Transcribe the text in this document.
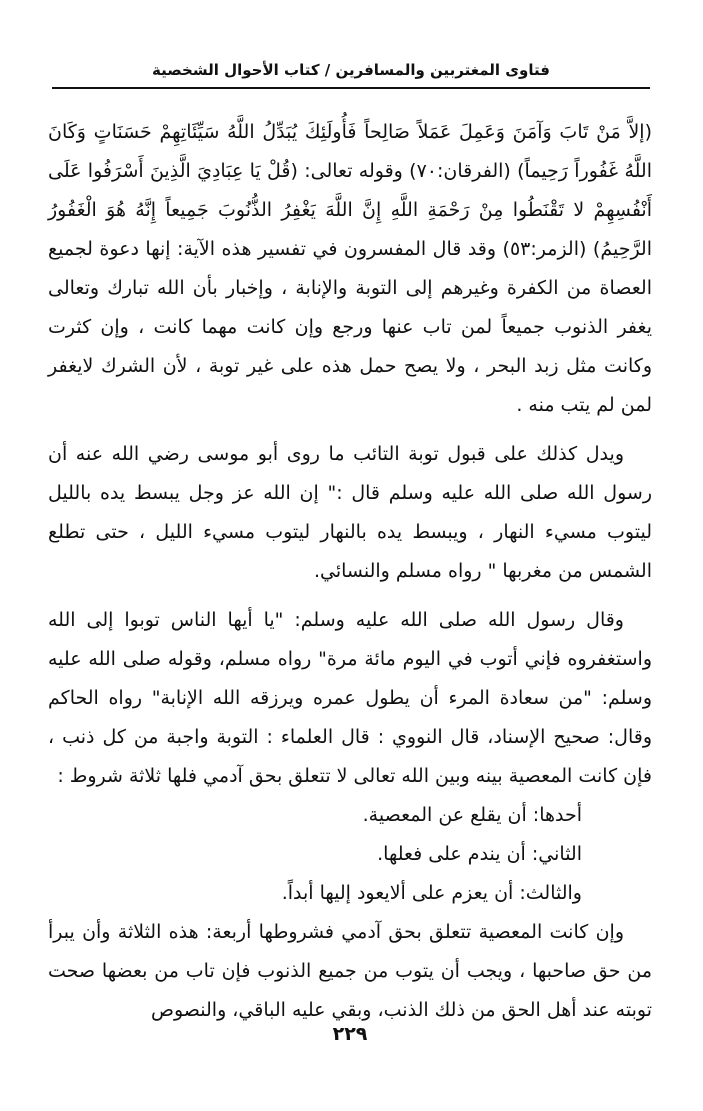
فتاوى المغتربين والمسافرين / كتاب الأحوال الشخصية

(إلاَّ مَنْ تَابَ وَآمَنَ وَعَمِلَ عَمَلاً صَالِحاً فَأُولَئِكَ يُبَدِّلُ اللَّهُ سَيِّئَاتِهِمْ حَسَنَاتٍ وَكَانَ اللَّهُ غَفُوراً رَحِيماً) (الفرقان:٧٠) وقوله تعالى: (قُلْ يَا عِبَادِيَ الَّذِينَ أَسْرَفُوا عَلَى أَنْفُسِهِمْ لا تَقْنَطُوا مِنْ رَحْمَةِ اللَّهِ إِنَّ اللَّهَ يَغْفِرُ الذُّنُوبَ جَمِيعاً إِنَّهُ هُوَ الْغَفُورُ الرَّحِيمُ) (الزمر:٥٣) وقد قال المفسرون في تفسير هذه الآية: إنها دعوة لجميع العصاة من الكفرة وغيرهم إلى التوبة والإنابة ، وإخبار بأن الله تبارك وتعالى يغفر الذنوب جميعاً لمن تاب عنها ورجع وإن كانت مهما كانت ، وإن كثرت وكانت مثل زبد البحر ، ولا يصح حمل هذه على غير توبة ، لأن الشرك لايغفر لمن لم يتب منه .

ويدل كذلك على قبول توبة التائب ما روى أبو موسى رضي الله عنه أن رسول الله صلى الله عليه وسلم قال :" إن الله عز وجل يبسط يده بالليل ليتوب مسيء النهار ، ويبسط يده بالنهار ليتوب مسيء الليل ، حتى تطلع الشمس من مغربها " رواه مسلم والنسائي.

وقال رسول الله صلى الله عليه وسلم: "يا أيها الناس توبوا إلى الله واستغفروه فإني أتوب في اليوم مائة مرة" رواه مسلم، وقوله صلى الله عليه وسلم: "من سعادة المرء أن يطول عمره ويرزقه الله الإنابة" رواه الحاكم وقال: صحيح الإسناد، قال النووي : قال العلماء : التوبة واجبة من كل ذنب ، فإن كانت المعصية بينه وبين الله تعالى لا تتعلق بحق آدمي فلها ثلاثة شروط :

أحدها: أن يقلع عن المعصية.

الثاني: أن يندم على فعلها.

والثالث: أن يعزم على ألايعود إليها أبداً.

وإن كانت المعصية تتعلق بحق آدمي فشروطها أربعة: هذه الثلاثة وأن يبرأ من حق صاحبها ، ويجب أن يتوب من جميع الذنوب فإن تاب من بعضها صحت توبته عند أهل الحق من ذلك الذنب، وبقي عليه الباقي، والنصوص

٢٢٩
